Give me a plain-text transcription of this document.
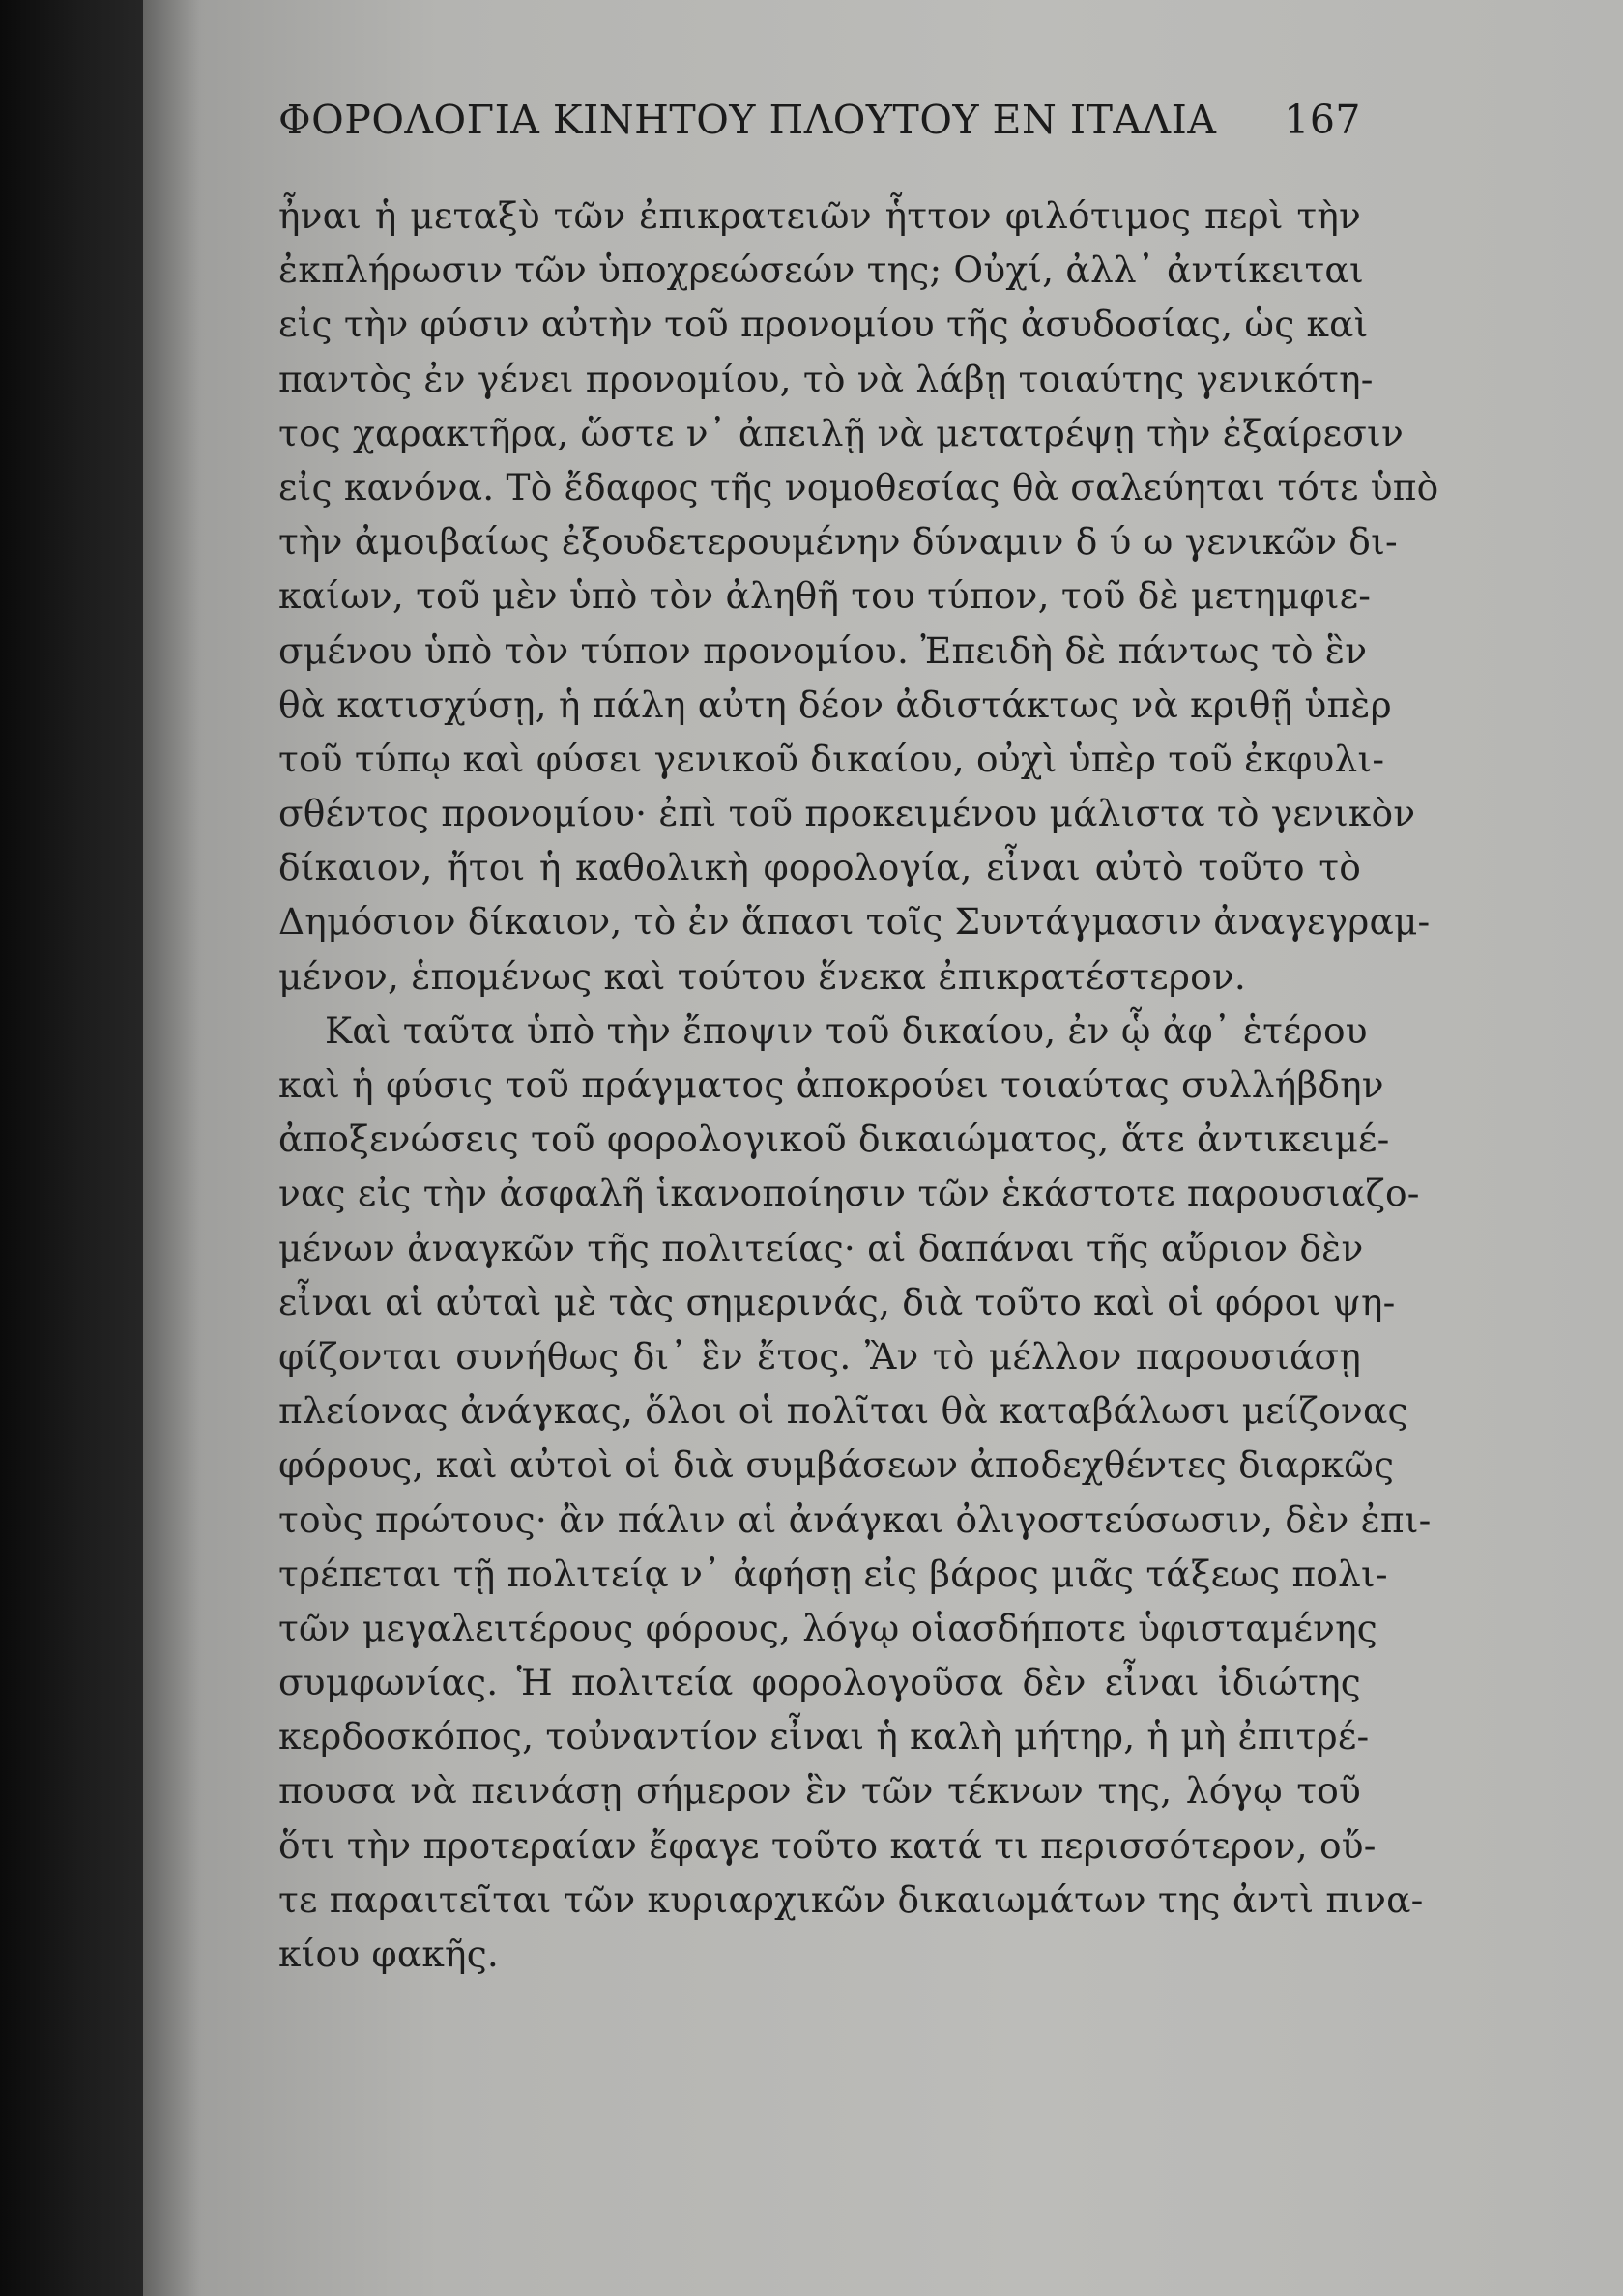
ΦΟΡΟΛΟΓΙΑ ΚΙΝΗΤΟΥ ΠΛΟΥΤΟΥ ΕΝ ΙΤΑΛΙΑ 167
ἦναι ἡ μεταξὺ τῶν ἐπικρατειῶν ἧττον φιλότιμος περὶ τὴν
ἐκπλήρωσιν τῶν ὑποχρεώσεών της; Οὐχί, ἀλλ᾽ ἀντίκειται
εἰς τὴν φύσιν αὐτὴν τοῦ προνομίου τῆς ἀσυδοσίας, ὡς καὶ
παντὸς ἐν γένει προνομίου, τὸ νὰ λάβῃ τοιαύτης γενικότη-
τος χαρακτῆρα, ὥστε ν᾽ ἀπειλῇ νὰ μετατρέψῃ τὴν ἐξαίρεσιν
εἰς κανόνα. Τὸ ἔδαφος τῆς νομοθεσίας θὰ σαλεύηται τότε ὑπὸ
τὴν ἀμοιβαίως ἐξουδετερουμένην δύναμιν δ ύ ω γενικῶν δι-
καίων, τοῦ μὲν ὑπὸ τὸν ἀληθῆ του τύπον, τοῦ δὲ μετημφιε-
σμένου ὑπὸ τὸν τύπον προνομίου. Ἐπειδὴ δὲ πάντως τὸ ἓν
θὰ κατισχύσῃ, ἡ πάλη αὐτη δέον ἀδιστάκτως νὰ κριθῇ ὑπὲρ
τοῦ τύπῳ καὶ φύσει γενικοῦ δικαίου, οὐχὶ ὑπὲρ τοῦ ἐκφυλι-
σθέντος προνομίου· ἐπὶ τοῦ προκειμένου μάλιστα τὸ γενικὸν
δίκαιον, ἤτοι ἡ καθολικὴ φορολογία, εἶναι αὐτὸ τοῦτο τὸ
Δημόσιον δίκαιον, τὸ ἐν ἅπασι τοῖς Συντάγμασιν ἀναγεγραμ-
μένον, ἑπομένως καὶ τούτου ἕνεκα ἐπικρατέστερον.
Καὶ ταῦτα ὑπὸ τὴν ἔποψιν τοῦ δικαίου, ἐν ᾧ ἀφ᾽ ἑτέρου
καὶ ἡ φύσις τοῦ πράγματος ἀποκρούει τοιαύτας συλλήβδην
ἀποξενώσεις τοῦ φορολογικοῦ δικαιώματος, ἅτε ἀντικειμέ-
νας εἰς τὴν ἀσφαλῆ ἱκανοποίησιν τῶν ἑκάστοτε παρουσιαζο-
μένων ἀναγκῶν τῆς πολιτείας· αἱ δαπάναι τῆς αὔριον δὲν
εἶναι αἱ αὐταὶ μὲ τὰς σημερινάς, διὰ τοῦτο καὶ οἱ φόροι ψη-
φίζονται συνήθως δι᾽ ἓν ἔτος. Ἂν τὸ μέλλον παρουσιάσῃ
πλείονας ἀνάγκας, ὅλοι οἱ πολῖται θὰ καταβάλωσι μείζονας
φόρους, καὶ αὐτοὶ οἱ διὰ συμβάσεων ἀποδεχθέντες διαρκῶς
τοὺς πρώτους· ἂν πάλιν αἱ ἀνάγκαι ὀλιγοστεύσωσιν, δὲν ἐπι-
τρέπεται τῇ πολιτείᾳ ν᾽ ἀφήσῃ εἰς βάρος μιᾶς τάξεως πολι-
τῶν μεγαλειτέρους φόρους, λόγῳ οἱασδήποτε ὑφισταμένης
συμφωνίας. Ἡ πολιτεία φορολογοῦσα δὲν εἶναι ἰδιώτης
κερδοσκόπος, τοὐναντίον εἶναι ἡ καλὴ μήτηρ, ἡ μὴ ἐπιτρέ-
πουσα νὰ πεινάσῃ σήμερον ἓν τῶν τέκνων της, λόγῳ τοῦ
ὅτι τὴν προτεραίαν ἔφαγε τοῦτο κατά τι περισσότερον, οὔ-
τε παραιτεῖται τῶν κυριαρχικῶν δικαιωμάτων της ἀντὶ πινα-
κίου φακῆς.
